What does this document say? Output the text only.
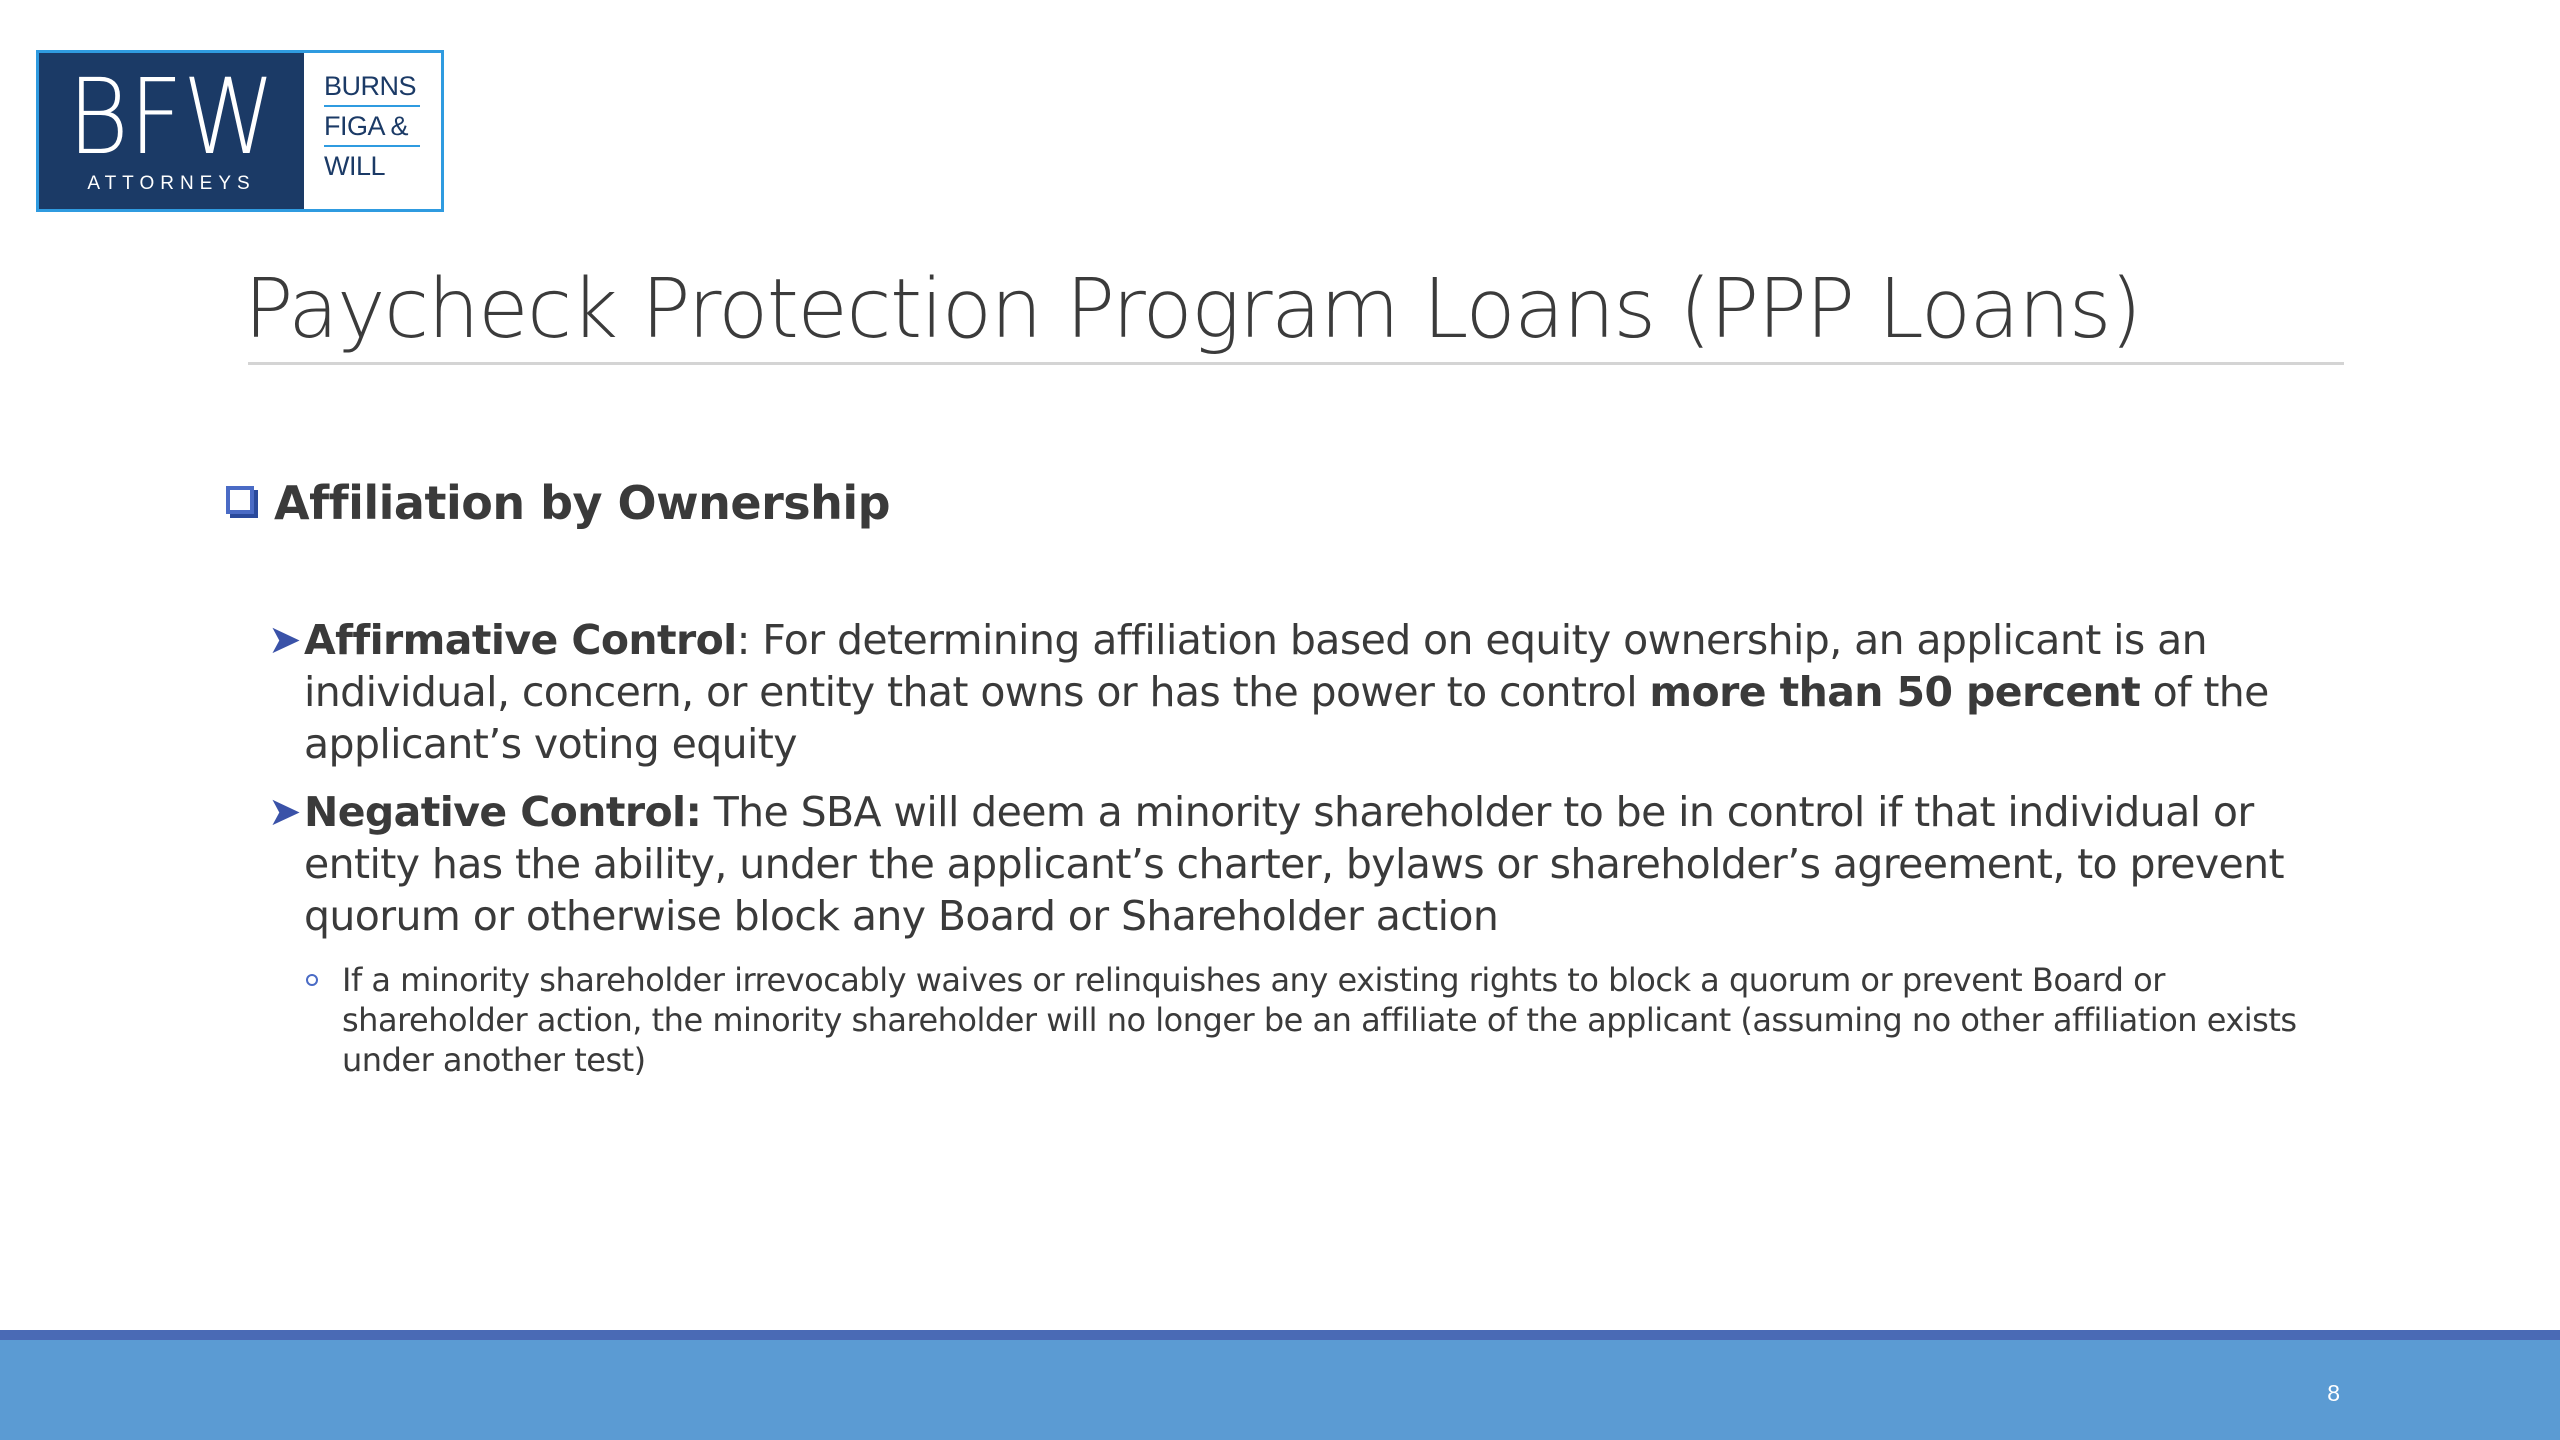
BFW
ATTORNEYS
BURNS
FIGA &
WILL
Paycheck Protection Program Loans (PPP Loans)
Affiliation by Ownership
➤ Affirmative Control: For determining affiliation based on equity ownership, an applicant is an individual, concern, or entity that owns or has the power to control more than 50 percent of the applicant’s voting equity
➤ Negative Control: The SBA will deem a minority shareholder to be in control if that individual or entity has the ability, under the applicant’s charter, bylaws or shareholder’s agreement, to prevent quorum or otherwise block any Board or Shareholder action
If a minority shareholder irrevocably waives or relinquishes any existing rights to block a quorum or prevent Board or shareholder action, the minority shareholder will no longer be an affiliate of the applicant (assuming no other affiliation exists under another test)
8
